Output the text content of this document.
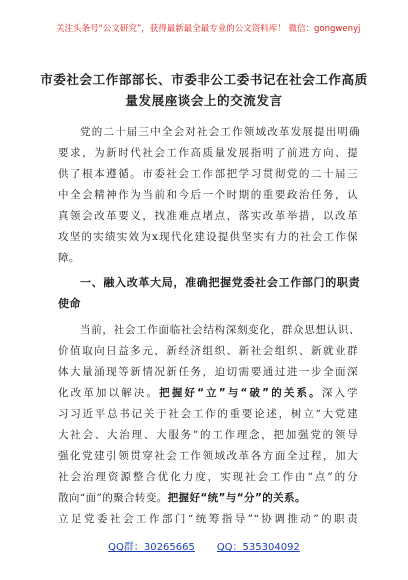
关注头条号“公文研究”，获得最新最全最专业的公文资料库！ 微信：gongwenyj
市委社会工作部部长、市委非公工委书记在社会工作高质
量发展座谈会上的交流发言
党的二十届三中全会对社会工作领域改革发展提出明确
要求，为新时代社会工作高质量发展指明了前进方向、提
供了根本遵循。市委社会工作部把学习贯彻党的二十届三
中全会精神作为当前和今后一个时期的重要政治任务，认
真领会改革要义，找准难点堵点，落实改革举措，以改革
攻坚的实绩实效为x现代化建设提供坚实有力的社会工作保
障。
一、融入改革大局，准确把握党委社会工作部门的职责
使命
当前，社会工作面临社会结构深刻变化，群众思想认识、
价值取向日益多元，新经济组织、新社会组织、新就业群
体大量涌现等新情况新任务，迫切需要通过进一步全面深
化改革加以解决。把握好“立”与“破”的关系。深入学
习习近平总书记关于社会工作的重要论述，树立“大党建
大社会、大治理、大服务”的工作理念，把加强党的领导
强化党建引领贯穿社会工作领域改革各方面全过程，加大
社会治理资源整合优化力度，实现社会工作由“点”的分
散向“面”的聚合转变。把握好“统”与“分”的关系。
立足党委社会工作部门“统筹指导”“协调推动”的职责
QQ群：30265665 QQ：535304092
